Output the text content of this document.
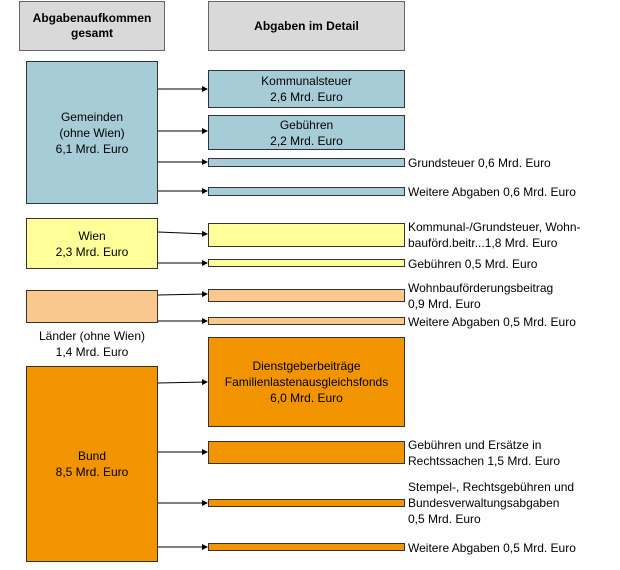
Abgabenaufkommen
gesamt
Abgaben im Detail
Gemeinden
(ohne Wien)
6,1 Mrd. Euro
Wien
2,3 Mrd. Euro
Länder (ohne Wien)
1,4 Mrd. Euro
Bund
8,5 Mrd. Euro
Kommunalsteuer
2,6 Mrd. Euro
Gebühren
2,2 Mrd. Euro
Grundsteuer 0,6 Mrd. Euro
Weitere Abgaben 0,6 Mrd. Euro
Kommunal-/Grundsteuer, Wohn-
bauförd.beitr...1,8 Mrd. Euro
Gebühren 0,5 Mrd. Euro
Wohnbauförderungsbeitrag
0,9 Mrd. Euro
Weitere Abgaben 0,5 Mrd. Euro
Dienstgeberbeiträge
Familienlastenausgleichsfonds
6,0 Mrd. Euro
Gebühren und Ersätze in
Rechtssachen 1,5 Mrd. Euro
Stempel-, Rechtsgebühren und
Bundesverwaltungsabgaben
0,5 Mrd. Euro
Weitere Abgaben 0,5 Mrd. Euro
